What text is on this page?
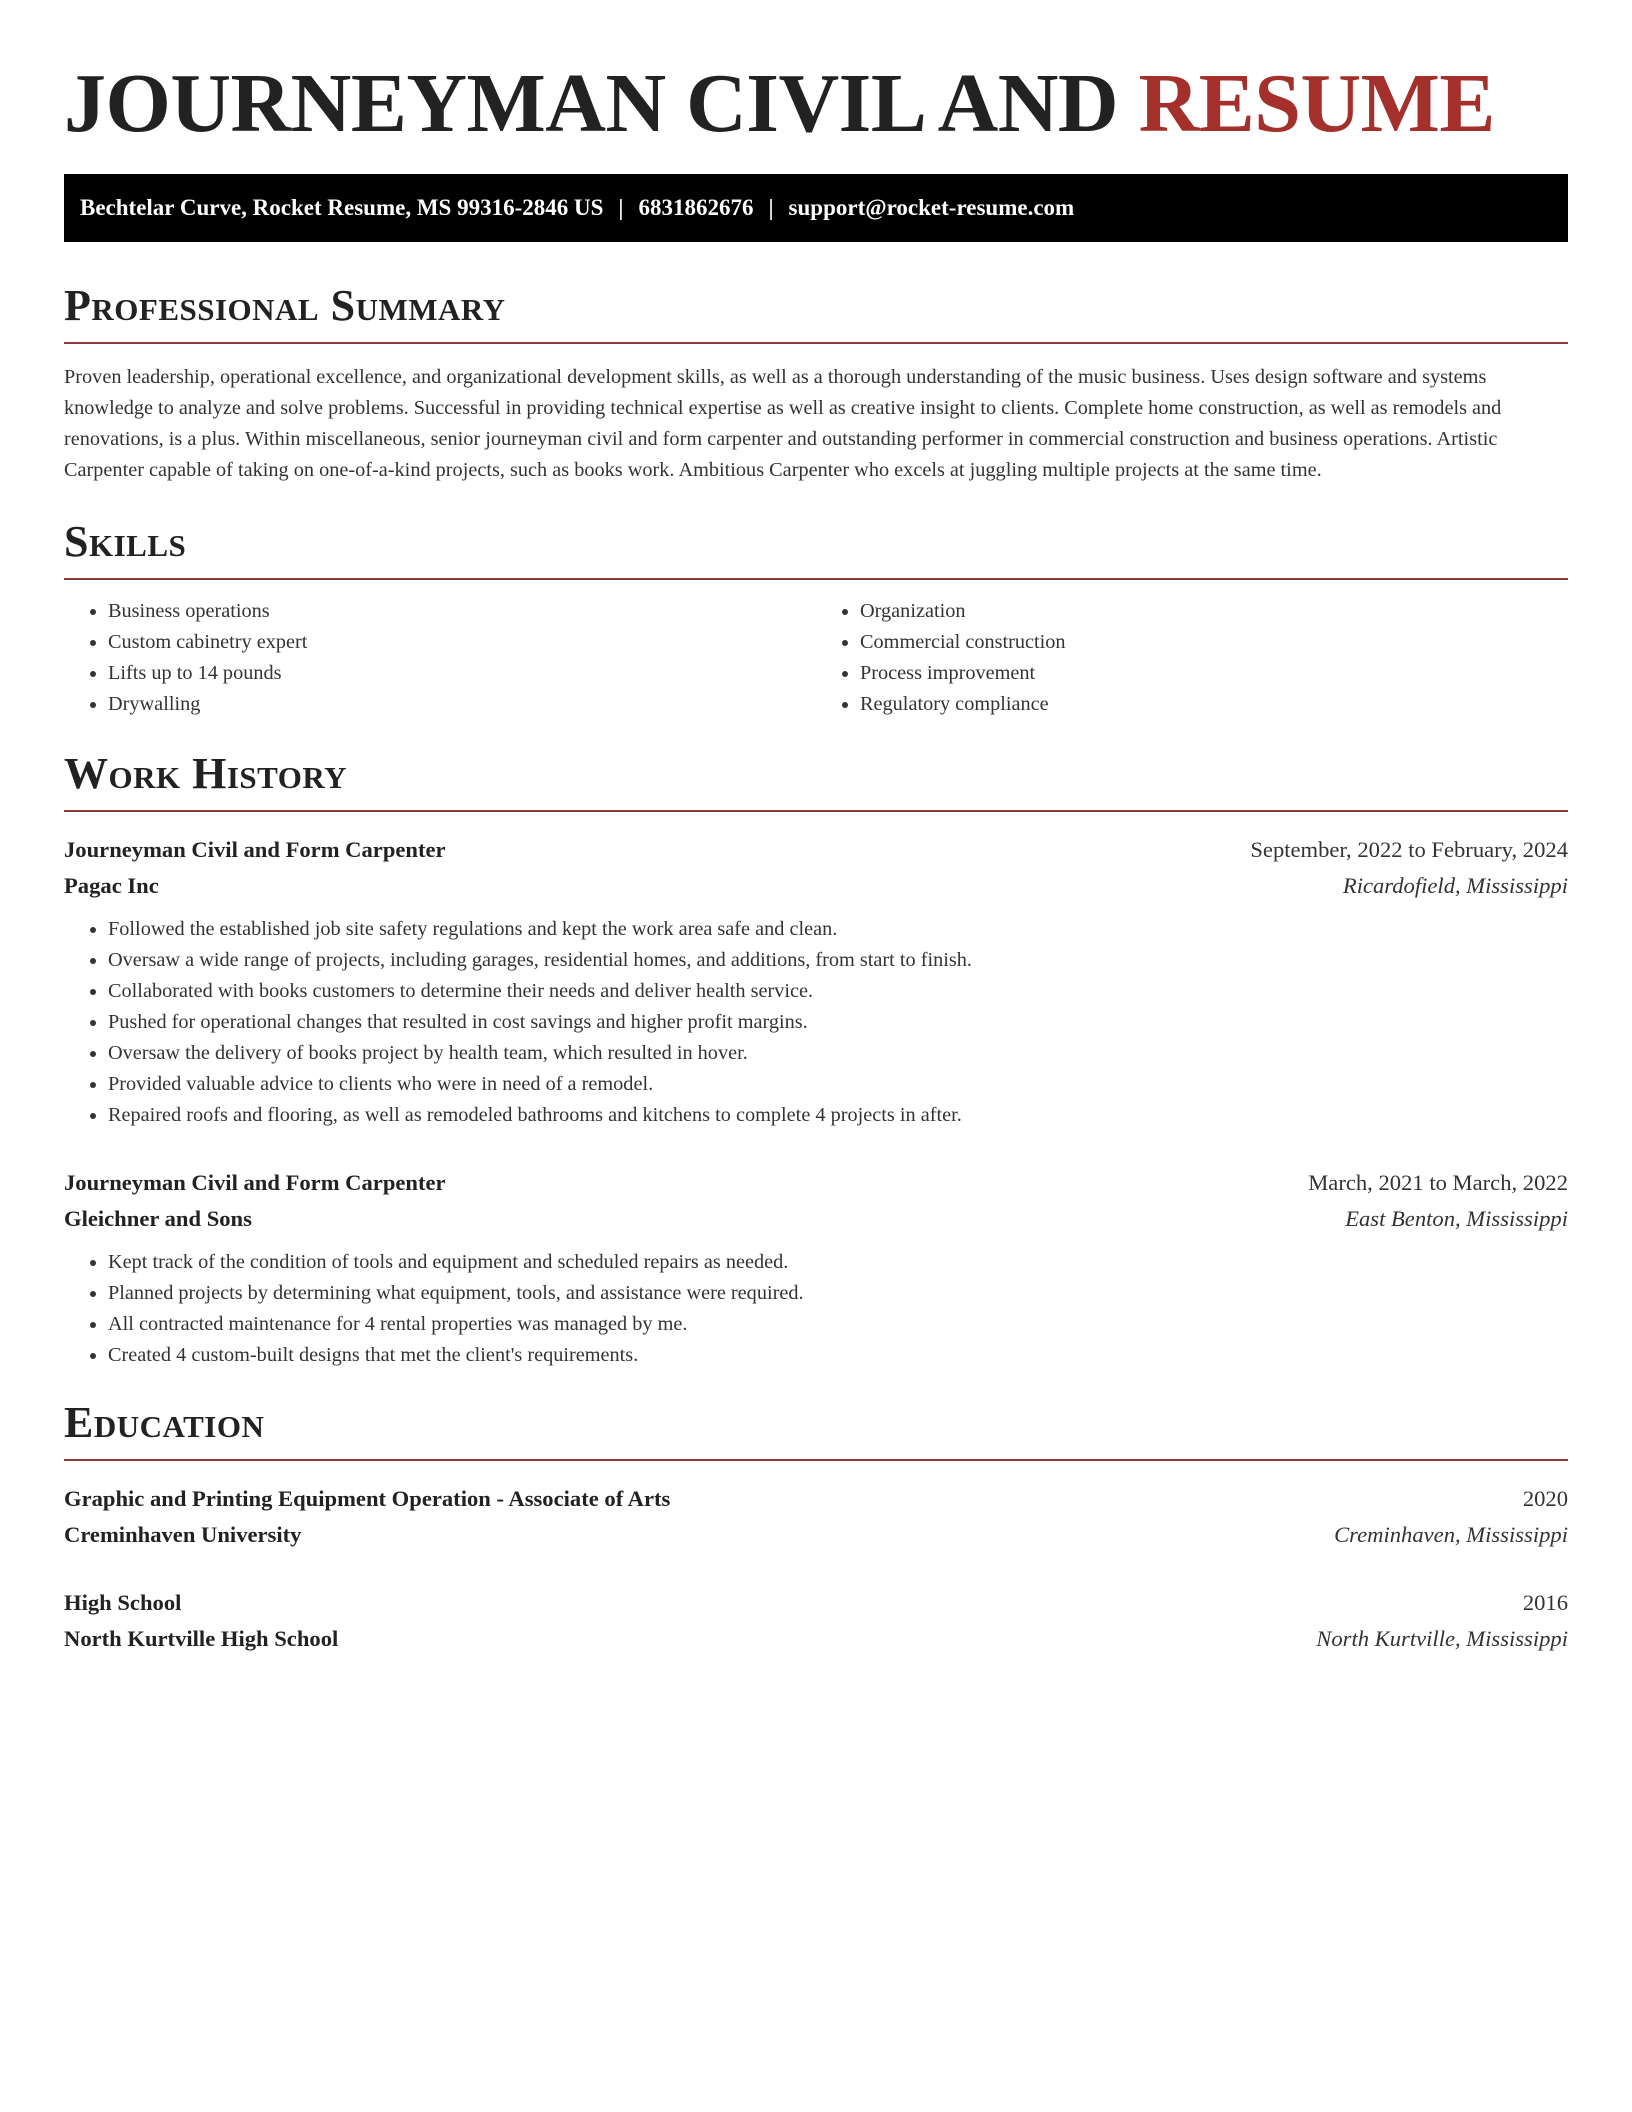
JOURNEYMAN CIVIL AND RESUME
Bechtelar Curve, Rocket Resume, MS 99316-2846 US | 6831862676 | support@rocket-resume.com
Professional Summary

Proven leadership, operational excellence, and organizational development skills, as well as a thorough understanding of the music business. Uses design software and systems knowledge to analyze and solve problems. Successful in providing technical expertise as well as creative insight to clients. Complete home construction, as well as remodels and renovations, is a plus. Within miscellaneous, senior journeyman civil and form carpenter and outstanding performer in commercial construction and business operations. Artistic Carpenter capable of taking on one-of-a-kind projects, such as books work. Ambitious Carpenter who excels at juggling multiple projects at the same time.

Skills
• Business operations
• Custom cabinetry expert
• Lifts up to 14 pounds
• Drywalling
• Organization
• Commercial construction
• Process improvement
• Regulatory compliance
Work History
Journeyman Civil and Form Carpenter	September, 2022 to February, 2024
Pagac Inc	Ricardofield, Mississippi
• Followed the established job site safety regulations and kept the work area safe and clean.
• Oversaw a wide range of projects, including garages, residential homes, and additions, from start to finish.
• Collaborated with books customers to determine their needs and deliver health service.
• Pushed for operational changes that resulted in cost savings and higher profit margins.
• Oversaw the delivery of books project by health team, which resulted in hover.
• Provided valuable advice to clients who were in need of a remodel.
• Repaired roofs and flooring, as well as remodeled bathrooms and kitchens to complete 4 projects in after.
Journeyman Civil and Form Carpenter	March, 2021 to March, 2022
Gleichner and Sons	East Benton, Mississippi
• Kept track of the condition of tools and equipment and scheduled repairs as needed.
• Planned projects by determining what equipment, tools, and assistance were required.
• All contracted maintenance for 4 rental properties was managed by me.
• Created 4 custom-built designs that met the client's requirements.
Education
Graphic and Printing Equipment Operation - Associate of Arts	2020
Creminhaven University	Creminhaven, Mississippi
High School	2016
North Kurtville High School	North Kurtville, Mississippi
